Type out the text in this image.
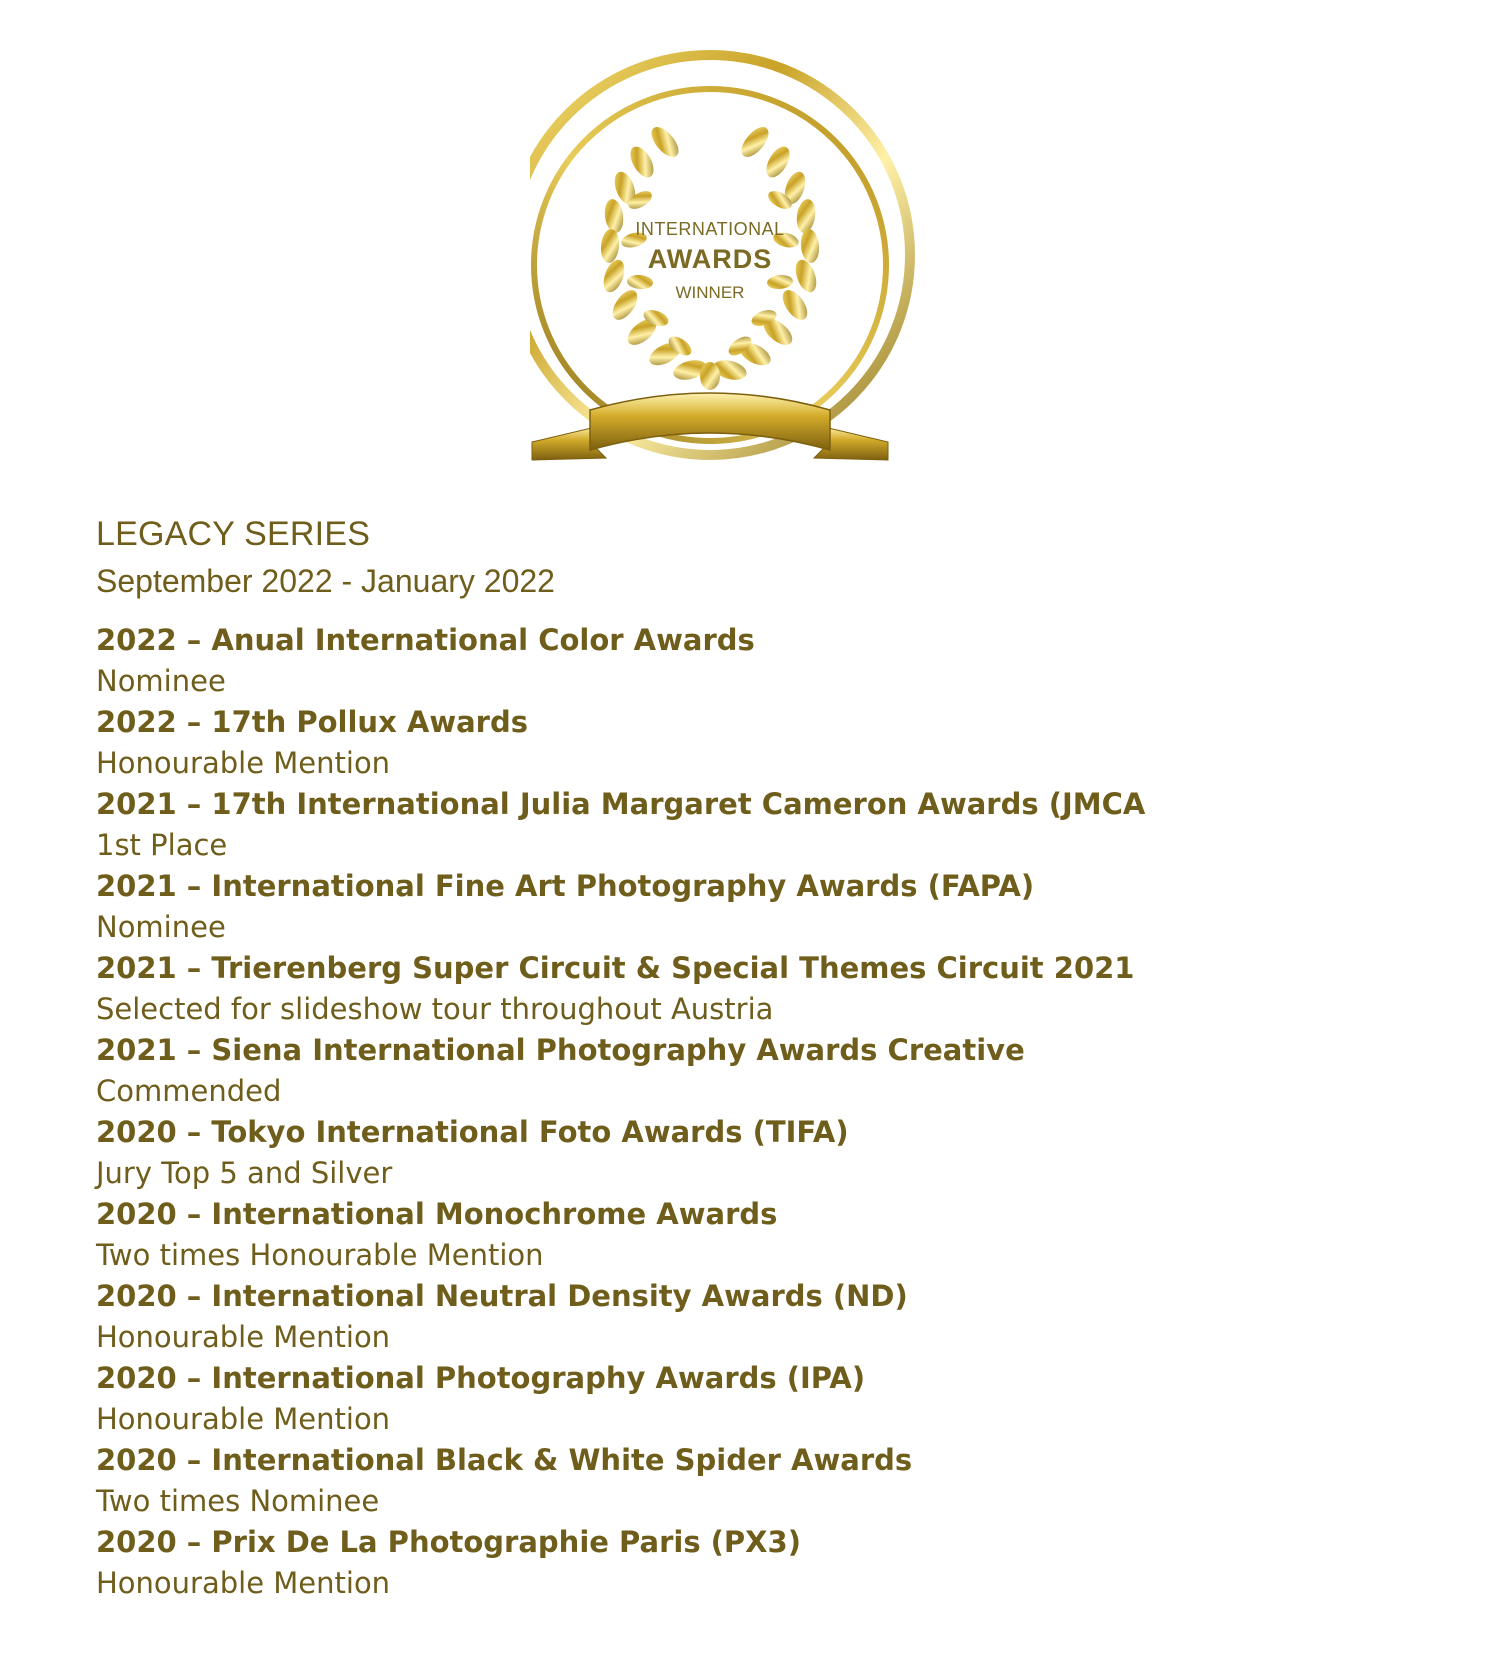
INTERNATIONAL
AWARDS
WINNER
LEGACY SERIES

September 2022 - January 2022

2022 – Anual International Color Awards
Nominee
2022 – 17th Pollux Awards
Honourable Mention
2021 – 17th International Julia Margaret Cameron Awards (JMCA
1st Place
2021 – International Fine Art Photography Awards (FAPA)
Nominee
2021 – Trierenberg Super Circuit & Special Themes Circuit 2021
Selected for slideshow tour throughout Austria
2021 – Siena International Photography Awards Creative
Commended
2020 – Tokyo International Foto Awards (TIFA)
Jury Top 5 and Silver
2020 – International Monochrome Awards
Two times Honourable Mention
2020 – International Neutral Density Awards (ND)
Honourable Mention
2020 – International Photography Awards (IPA)
Honourable Mention
2020 – International Black & White Spider Awards
Two times Nominee
2020 – Prix De La Photographie Paris (PX3)
Honourable Mention
